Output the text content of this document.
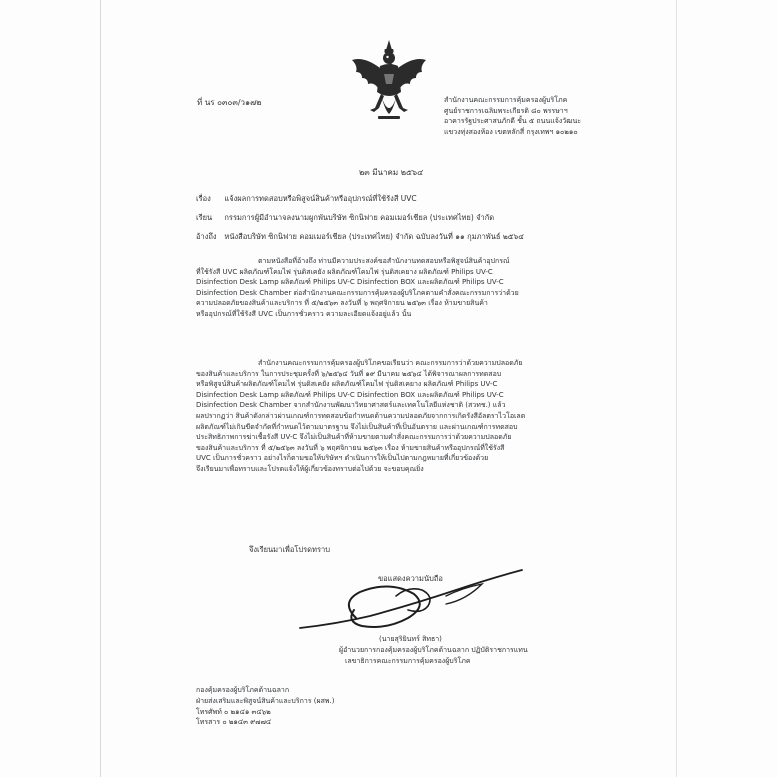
ที่ นร ๐๓๐๓/ว๑๗๒	สำนักงานคณะกรรมการคุ้มครองผู้บริโภค
ศูนย์ราชการเฉลิมพระเกียรติ ๘๐ พรรษาฯ
อาคารรัฐประศาสนภักดี ชั้น ๕ ถนนแจ้งวัฒนะ
แขวงทุ่งสองห้อง เขตหลักสี่ กรุงเทพฯ ๑๐๒๑๐
๒๓ มีนาคม ๒๕๖๔
เรื่อง แจ้งผลการทดสอบหรือพิสูจน์สินค้าหรืออุปกรณ์ที่ใช้รังสี UVC
เรียน กรรมการผู้มีอำนาจลงนามผูกพันบริษัท ซิกนิฟาย คอมเมอร์เชียล (ประเทศไทย) จำกัด
อ้างถึง หนังสือบริษัท ซิกนิฟาย คอมเมอร์เชียล (ประเทศไทย) จำกัด ฉบับลงวันที่ ๑๑ กุมภาพันธ์ ๒๕๖๔
ตามหนังสือที่อ้างถึง ท่านมีความประสงค์ขอสำนักงานทดสอบหรือพิสูจน์สินค้าอุปกรณ์
ที่ใช้รังสี UVC ผลิตภัณฑ์โคมไฟ รุ่นดิสเคยัง ผลิตภัณฑ์โคมไฟ รุ่นดิสเคยาง ผลิตภัณฑ์ Philips UV-C
Disinfection Desk Lamp ผลิตภัณฑ์ Philips UV-C Disinfection BOX และผลิตภัณฑ์ Philips UV-C
Disinfection Desk Chamber ต่อสำนักงานคณะกรรมการคุ้มครองผู้บริโภคตามคำสั่งคณะกรรมการว่าด้วย
ความปลอดภัยของสินค้าและบริการ ที่ ๕/๒๕๖๓ ลงวันที่ ๖ พฤศจิกายน ๒๕๖๓ เรื่อง ห้ามขายสินค้า
หรืออุปกรณ์ที่ใช้รังสี UVC เป็นการชั่วคราว ความละเอียดแจ้งอยู่แล้ว นั้น
สำนักงานคณะกรรมการคุ้มครองผู้บริโภคขอเรียนว่า คณะกรรมการว่าด้วยความปลอดภัย
ของสินค้าและบริการ ในการประชุมครั้งที่ ๖/๒๕๖๔ วันที่ ๑๙ มีนาคม ๒๕๖๔ ได้พิจารณาผลการทดสอบ
หรือพิสูจน์สินค้าผลิตภัณฑ์โคมไฟ รุ่นดิสเคยัง ผลิตภัณฑ์โคมไฟ รุ่นดิสเคยาง ผลิตภัณฑ์ Philips UV-C
Disinfection Desk Lamp ผลิตภัณฑ์ Philips UV-C Disinfection BOX และผลิตภัณฑ์ Philips UV-C
Disinfection Desk Chamber จากสำนักงานพัฒนาวิทยาศาสตร์และเทคโนโลยีแห่งชาติ (สวทช.) แล้ว
ผลปรากฏว่า สินค้าดังกล่าวผ่านเกณฑ์การทดสอบข้อกำหนดด้านความปลอดภัยจากการเกิดรังสีอัลตราไวโอเลต
ผลิตภัณฑ์ไม่เกินขีดจำกัดที่กำหนดไว้ตามมาตรฐาน จึงไม่เป็นสินค้าที่เป็นอันตราย และผ่านเกณฑ์การทดสอบ
ประสิทธิภาพการฆ่าเชื้อรังสี UV-C จึงไม่เป็นสินค้าที่ห้ามขายตามคำสั่งคณะกรรมการว่าด้วยความปลอดภัย
ของสินค้าและบริการ ที่ ๕/๒๕๖๓ ลงวันที่ ๖ พฤศจิกายน ๒๕๖๓ เรื่อง ห้ามขายสินค้าหรืออุปกรณ์ที่ใช้รังสี
UVC เป็นการชั่วคราว อย่างไรก็ตามขอให้บริษัทฯ ดำเนินการให้เป็นไปตามกฎหมายที่เกี่ยวข้องด้วย
จึงเรียนมาเพื่อทราบและโปรดแจ้งให้ผู้เกี่ยวข้องทราบต่อไปด้วย จะขอบคุณยิ่ง
จึงเรียนมาเพื่อโปรดทราบ
ขอแสดงความนับถือ
(นายสุริยินทร์ สิทธา)
ผู้อำนวยการกองคุ้มครองผู้บริโภคด้านฉลาก ปฏิบัติราชการแทน
เลขาธิการคณะกรรมการคุ้มครองผู้บริโภค
กองคุ้มครองผู้บริโภคด้านฉลาก
ฝ่ายส่งเสริมและพิสูจน์สินค้าและบริการ (ผสพ.)
โทรศัพท์ ๐ ๒๑๔๑ ๓๔๖๒
โทรสาร ๐ ๒๑๔๓ ๙๗๗๔
